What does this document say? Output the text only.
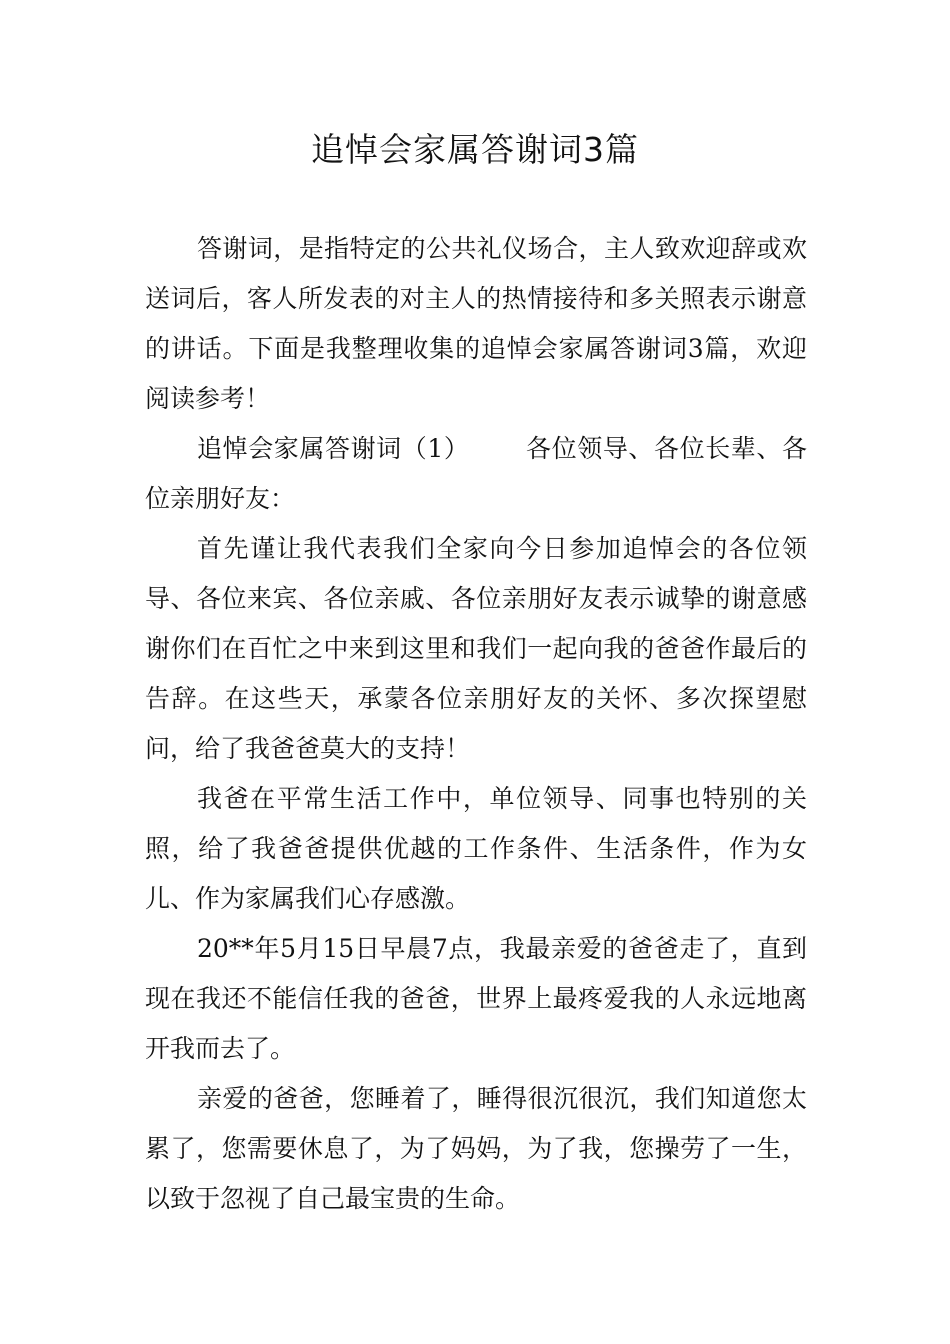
追悼会家属答谢词3篇

答谢词，是指特定的公共礼仪场合，主人致欢迎辞或欢送词后，客人所发表的对主人的热情接待和多关照表示谢意的讲话。下面是我整理收集的追悼会家属答谢词3篇，欢迎阅读参考！

追悼会家属答谢词（1） 各位领导、各位长辈、各位亲朋好友：

首先谨让我代表我们全家向今日参加追悼会的各位领导、各位来宾、各位亲戚、各位亲朋好友表示诚挚的谢意感谢你们在百忙之中来到这里和我们一起向我的爸爸作最后的告辞。在这些天，承蒙各位亲朋好友的关怀、多次探望慰问，给了我爸爸莫大的支持！

我爸在平常生活工作中，单位领导、同事也特别的关照，给了我爸爸提供优越的工作条件、生活条件，作为女儿、作为家属我们心存感激。

20**年5月15日早晨7点，我最亲爱的爸爸走了，直到现在我还不能信任我的爸爸，世界上最疼爱我的人永远地离开我而去了。

亲爱的爸爸，您睡着了，睡得很沉很沉，我们知道您太累了，您需要休息了，为了妈妈，为了我，您操劳了一生，以致于忽视了自己最宝贵的生命。
